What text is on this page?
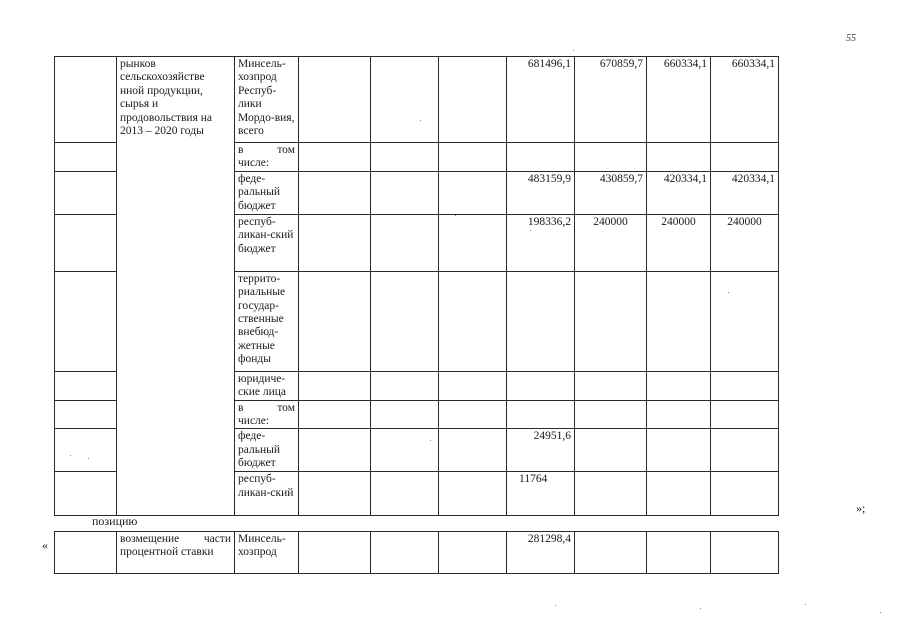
55
	рынков сельскохозяйстве нной продукции, сырья и продовольствия на 2013 – 2020 годы	Минсель-хозпрод Респуб-лики Мордо-вия, всего				681496,1	670859,7	660334,1	660334,1

		в том
числе:							

		феде-ральный бюджет				483159,9	430859,7	420334,1	420334,1
		респуб-ликан-ский бюджет				198336,2	240000	240000	240000
		террито-риальные государ-ственные внебюд-жетные фонды							
		юридиче-ские лица							

		в том
числе:							

		феде-ральный бюджет				24951,6			
		респуб-ликан-ский				11764			
»;
позицию
«
		возмещение части процентной ставки	Минсель-хозпрод				281298,4			
